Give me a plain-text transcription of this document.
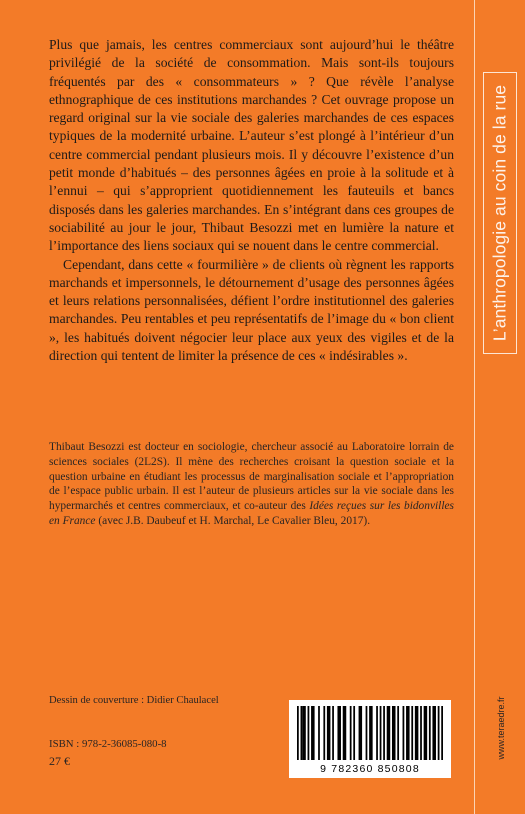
Plus que jamais, les centres commerciaux sont aujourd’hui le théâtre privilégié de la société de consommation. Mais sont-ils toujours fréquentés par des « consommateurs » ? Que révèle l’analyse ethnographique de ces institutions marchandes ? Cet ouvrage propose un regard original sur la vie sociale des galeries marchandes de ces espaces typiques de la modernité urbaine. L’auteur s’est plongé à l’intérieur d’un centre commercial pendant plusieurs mois. Il y découvre l’existence d’un petit monde d’habitués – des personnes âgées en proie à la solitude et à l’ennui – qui s’approprient quotidiennement les fauteuils et bancs disposés dans les galeries marchandes. En s’intégrant dans ces groupes de sociabilité au jour le jour, Thibaut Besozzi met en lumière la nature et l’importance des liens sociaux qui se nouent dans le centre commercial.

Cependant, dans cette « fourmilière » de clients où règnent les rapports marchands et impersonnels, le détournement d’usage des personnes âgées et leurs relations personnalisées, défient l’ordre institutionnel des galeries marchandes. Peu rentables et peu représentatifs de l’image du « bon client », les habitués doivent négocier leur place aux yeux des vigiles et de la direction qui tentent de limiter la présence de ces « indésirables ».

Thibaut Besozzi est docteur en sociologie, chercheur associé au Laboratoire lorrain de sciences sociales (2L2S). Il mène des recherches croisant la question sociale et la question urbaine en étudiant les processus de marginalisation sociale et l’appropriation de l’espace public urbain. Il est l’auteur de plusieurs articles sur la vie sociale dans les hypermarchés et centres commerciaux, et co-auteur des Idées reçues sur les bidonvilles en France (avec J.B. Daubeuf et H. Marchal, Le Cavalier Bleu, 2017).
Dessin de couverture : Didier Chaulacel
ISBN : 978-2-36085-080-8
27 €
L’anthropologie au coin de la rue
www.teraedre.fr
9 782360 850808
